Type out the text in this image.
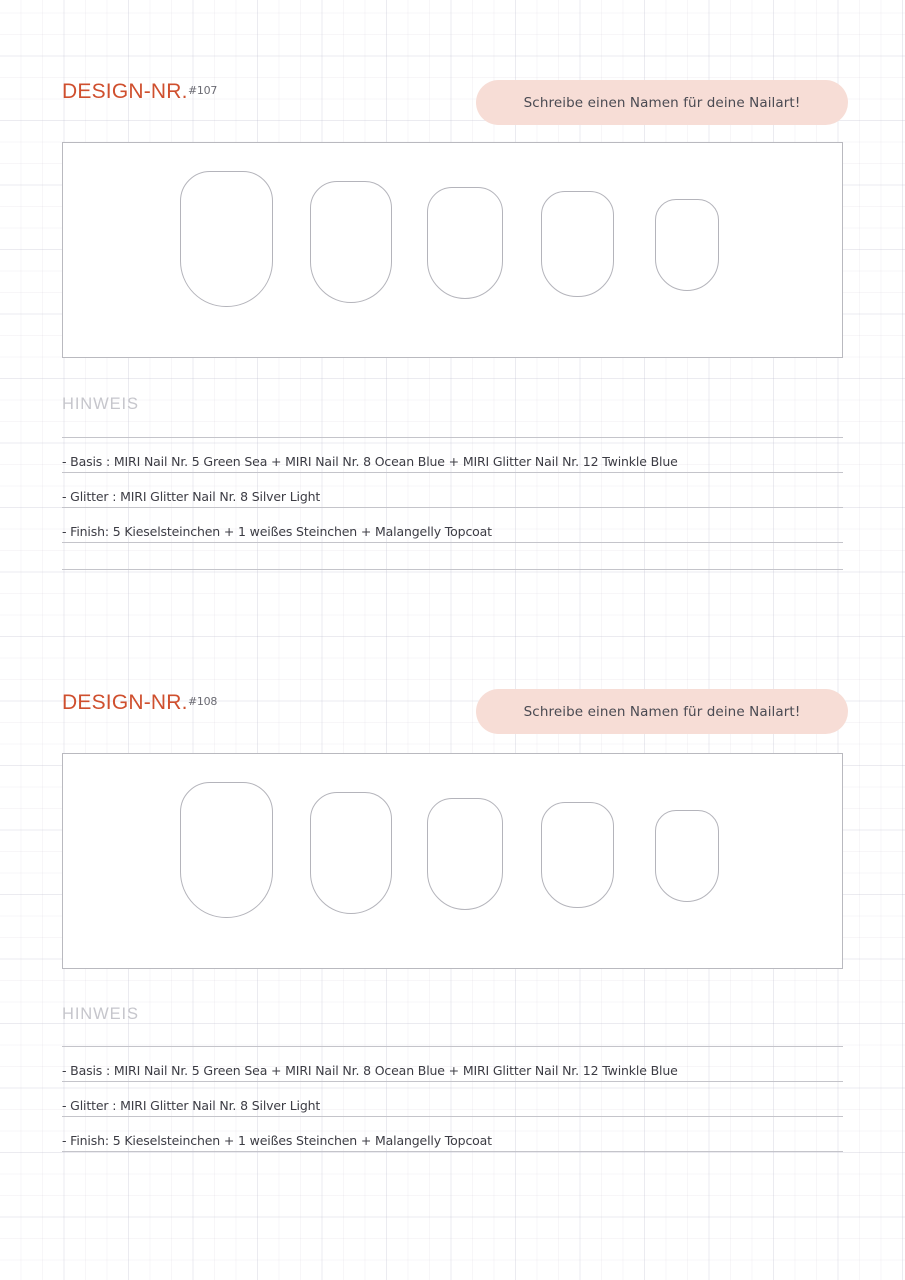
DESIGN-NR. #107
Schreibe einen Namen für deine Nailart!
HINWEIS
- Basis : MIRI Nail Nr. 5 Green Sea + MIRI Nail Nr. 8 Ocean Blue + MIRI Glitter Nail Nr. 12 Twinkle Blue
- Glitter : MIRI Glitter Nail Nr. 8 Silver Light
- Finish: 5 Kieselsteinchen + 1 weißes Steinchen + Malangelly Topcoat
DESIGN-NR. #108
Schreibe einen Namen für deine Nailart!
HINWEIS
- Basis : MIRI Nail Nr. 5 Green Sea + MIRI Nail Nr. 8 Ocean Blue + MIRI Glitter Nail Nr. 12 Twinkle Blue
- Glitter : MIRI Glitter Nail Nr. 8 Silver Light
- Finish: 5 Kieselsteinchen + 1 weißes Steinchen + Malangelly Topcoat
